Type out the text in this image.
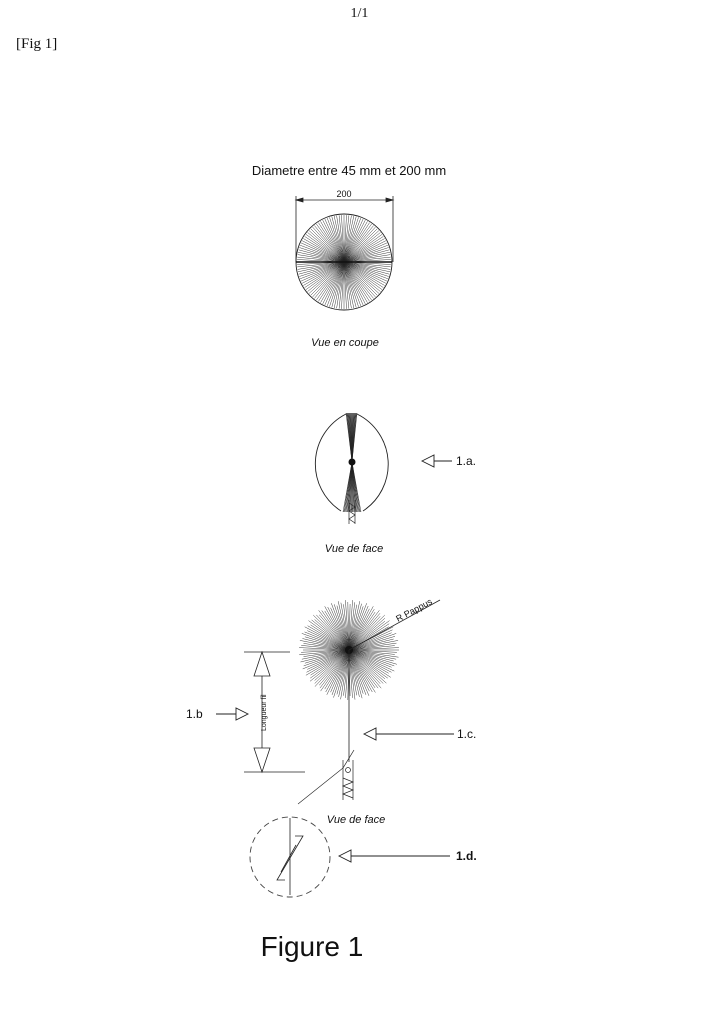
1/1
[Fig 1]
Diametre entre 45 mm et 200 mm
200
Vue en coupe
1.a.
Vue de face
R Pappus
Longueur fil
1.b
1.c.
Vue de face
1.d.
Figure 1
